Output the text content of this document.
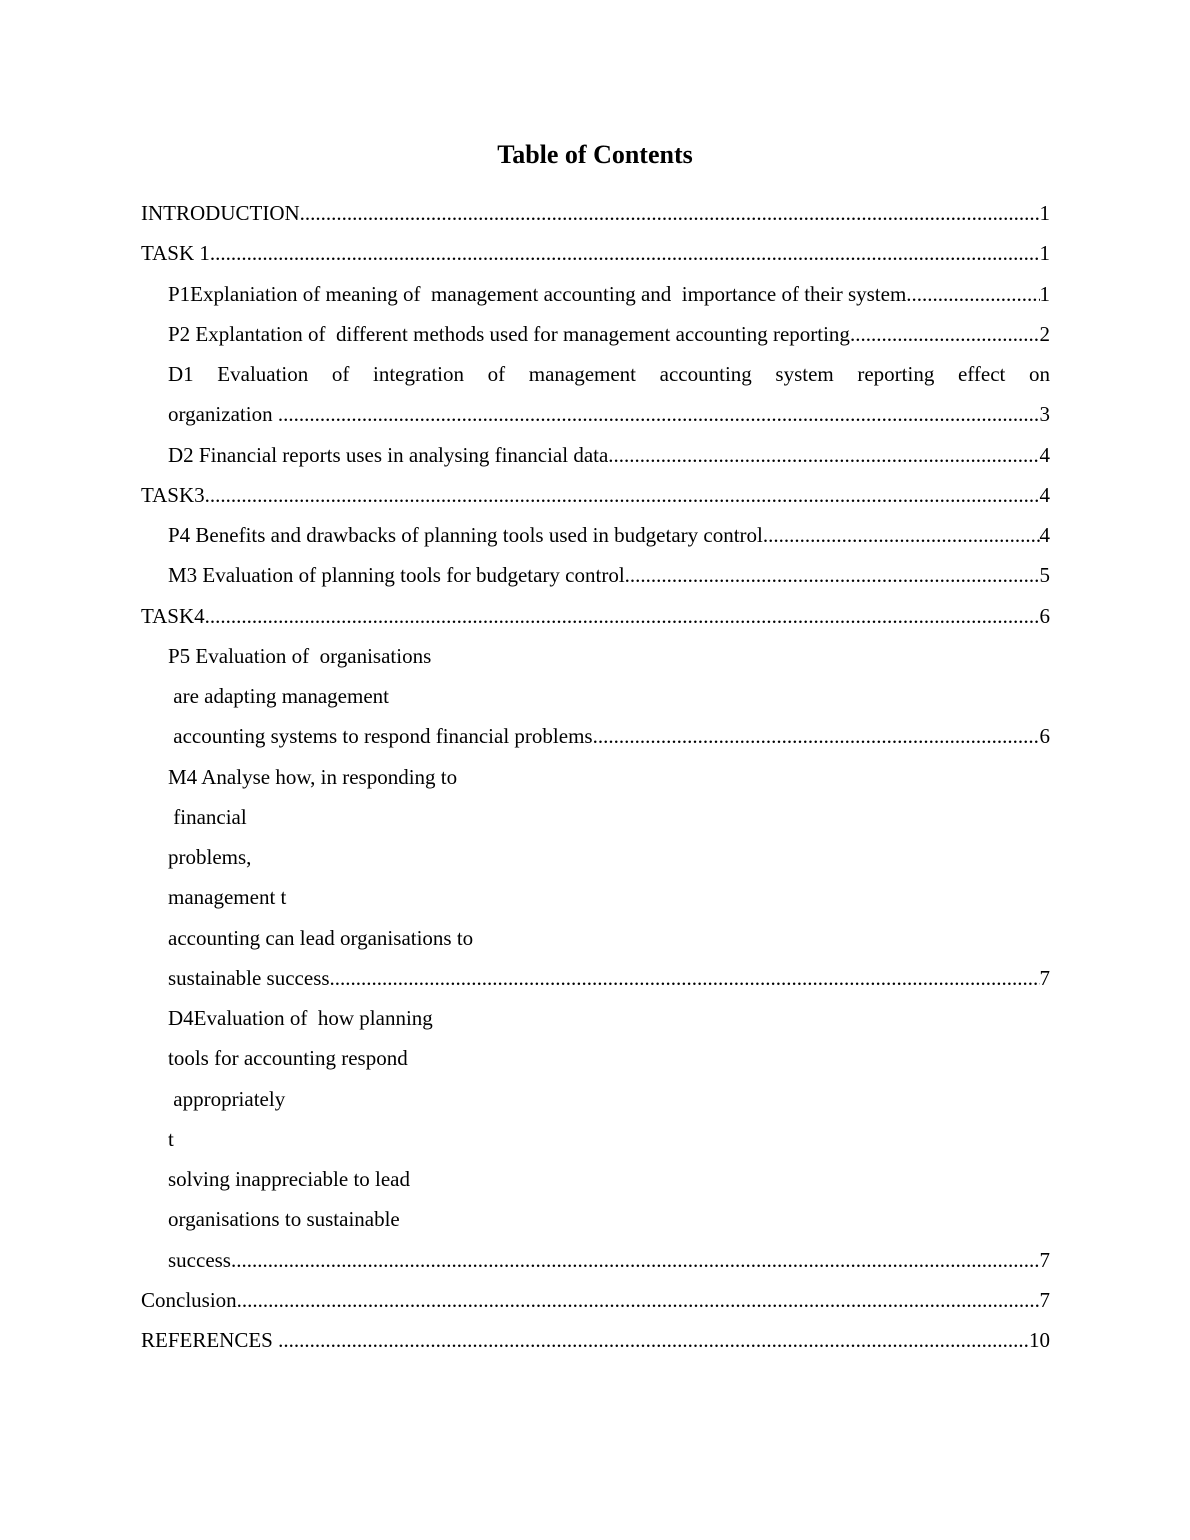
Table of Contents
INTRODUCTION .....	1
TASK 1 .....	1
P1Explaniation of meaning of  management accounting and  importance of their system .....	1
P2 Explantation of  different methods used for management accounting reporting .....	2
D1 Evaluation of integration of management accounting system reporting effect on
organization .....	3
D2 Financial reports uses in analysing financial data .....	4
TASK3 .....	4
P4 Benefits and drawbacks of planning tools used in budgetary control .....	4
M3 Evaluation of planning tools for budgetary control .....	5
TASK4 .....	6
P5 Evaluation of  organisations
are adapting management
accounting systems to respond financial problems .....	6
M4 Analyse how, in responding to
financial
problems,
management t
accounting can lead organisations to
sustainable success .....	7
D4Evaluation of  how planning
tools for accounting respond
appropriately
t
solving inappreciable to lead
organisations to sustainable
success .....	7
Conclusion .....	7
REFERENCES .....	10
